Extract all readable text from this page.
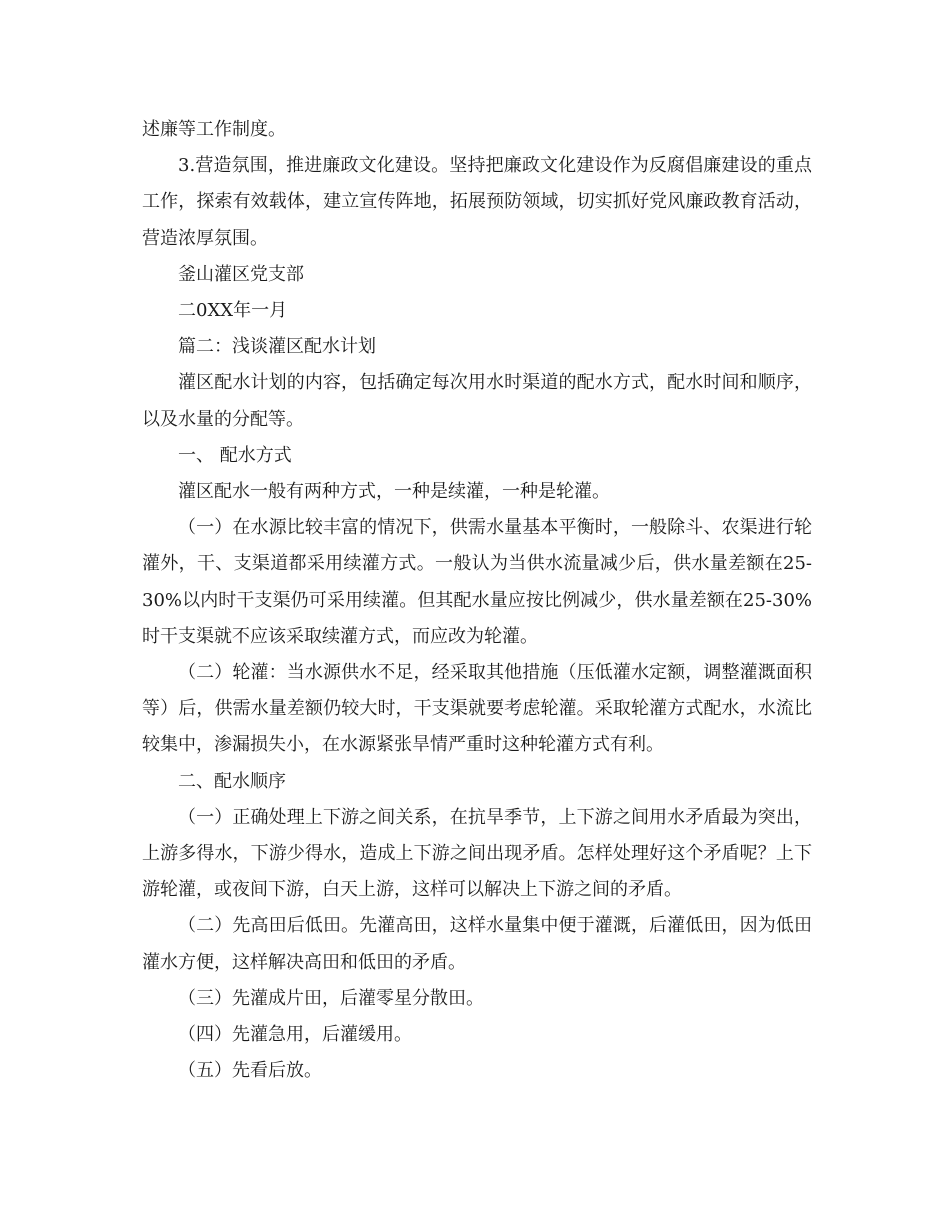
述廉等工作制度。

3.营造氛围，推进廉政文化建设。坚持把廉政文化建设作为反腐倡廉建设的重点工作，探索有效载体，建立宣传阵地，拓展预防领域，切实抓好党风廉政教育活动，营造浓厚氛围。

釜山灌区党支部

二0XX年一月

篇二：浅谈灌区配水计划

灌区配水计划的内容，包括确定每次用水时渠道的配水方式，配水时间和顺序，以及水量的分配等。

一、 配水方式

灌区配水一般有两种方式，一种是续灌，一种是轮灌。

（一）在水源比较丰富的情况下，供需水量基本平衡时，一般除斗、农渠进行轮灌外，干、支渠道都采用续灌方式。一般认为当供水流量减少后，供水量差额在25-30%以内时干支渠仍可采用续灌。但其配水量应按比例减少，供水量差额在25-30%时干支渠就不应该采取续灌方式，而应改为轮灌。

（二）轮灌：当水源供水不足，经采取其他措施（压低灌水定额，调整灌溉面积等）后，供需水量差额仍较大时，干支渠就要考虑轮灌。采取轮灌方式配水，水流比较集中，渗漏损失小，在水源紧张旱情严重时这种轮灌方式有利。

二、配水顺序

（一）正确处理上下游之间关系，在抗旱季节，上下游之间用水矛盾最为突出，上游多得水，下游少得水，造成上下游之间出现矛盾。怎样处理好这个矛盾呢？上下游轮灌，或夜间下游，白天上游，这样可以解决上下游之间的矛盾。

（二）先高田后低田。先灌高田，这样水量集中便于灌溉，后灌低田，因为低田灌水方便，这样解决高田和低田的矛盾。

（三）先灌成片田，后灌零星分散田。

（四）先灌急用，后灌缓用。

（五）先看后放。
